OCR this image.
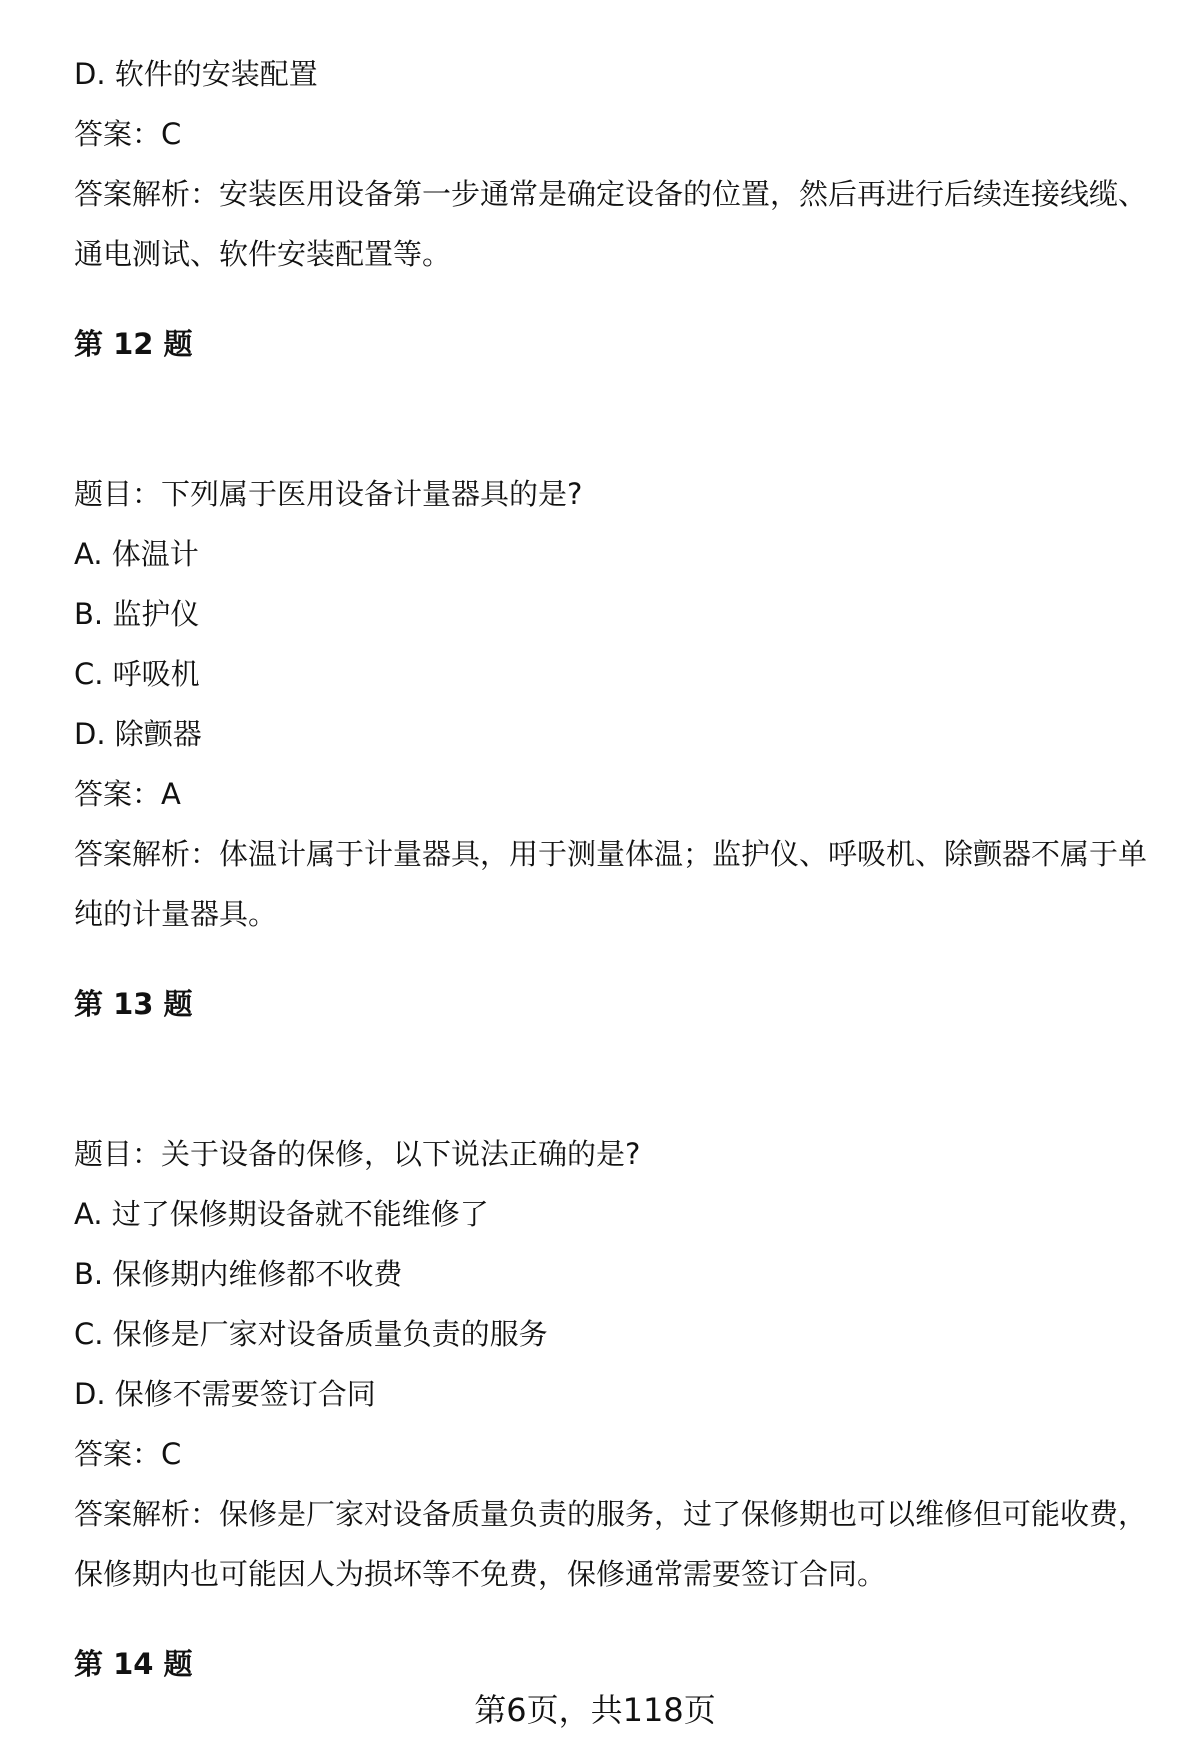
D. 软件的安装配置
答案：C
答案解析：安装医用设备第一步通常是确定设备的位置，然后再进行后续连接线缆、通电测试、软件安装配置等。
第 12 题
题目：下列属于医用设备计量器具的是?
A. 体温计
B. 监护仪
C. 呼吸机
D. 除颤器
答案：A
答案解析：体温计属于计量器具，用于测量体温；监护仪、呼吸机、除颤器不属于单纯的计量器具。
第 13 题
题目：关于设备的保修，以下说法正确的是?
A. 过了保修期设备就不能维修了
B. 保修期内维修都不收费
C. 保修是厂家对设备质量负责的服务
D. 保修不需要签订合同
答案：C
答案解析：保修是厂家对设备质量负责的服务，过了保修期也可以维修但可能收费，保修期内也可能因人为损坏等不免费，保修通常需要签订合同。
第 14 题
第6页，共118页
